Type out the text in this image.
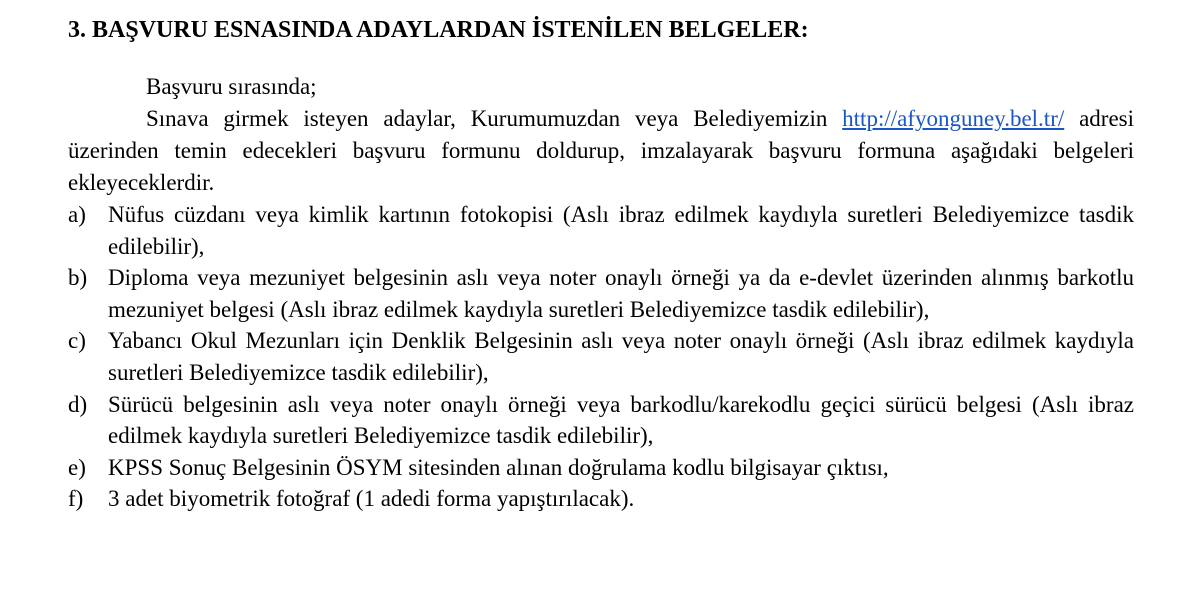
3. BAŞVURU ESNASINDA ADAYLARDAN İSTENİLEN BELGELER:

Başvuru sırasında;

Sınava girmek isteyen adaylar, Kurumumuzdan veya Belediyemizin http://afyonguney.bel.tr/ adresi üzerinden temin edecekleri başvuru formunu doldurup, imzalayarak başvuru formuna aşağıdaki belgeleri ekleyeceklerdir.

a) Nüfus cüzdanı veya kimlik kartının fotokopisi (Aslı ibraz edilmek kaydıyla suretleri Belediyemizce tasdik edilebilir),
b) Diploma veya mezuniyet belgesinin aslı veya noter onaylı örneği ya da e-devlet üzerinden alınmış barkotlu mezuniyet belgesi (Aslı ibraz edilmek kaydıyla suretleri Belediyemizce tasdik edilebilir),
c) Yabancı Okul Mezunları için Denklik Belgesinin aslı veya noter onaylı örneği (Aslı ibraz edilmek kaydıyla suretleri Belediyemizce tasdik edilebilir),
d) Sürücü belgesinin aslı veya noter onaylı örneği veya barkodlu/karekodlu geçici sürücü belgesi (Aslı ibraz edilmek kaydıyla suretleri Belediyemizce tasdik edilebilir),
e) KPSS Sonuç Belgesinin ÖSYM sitesinden alınan doğrulama kodlu bilgisayar çıktısı,
f) 3 adet biyometrik fotoğraf (1 adedi forma yapıştırılacak).
